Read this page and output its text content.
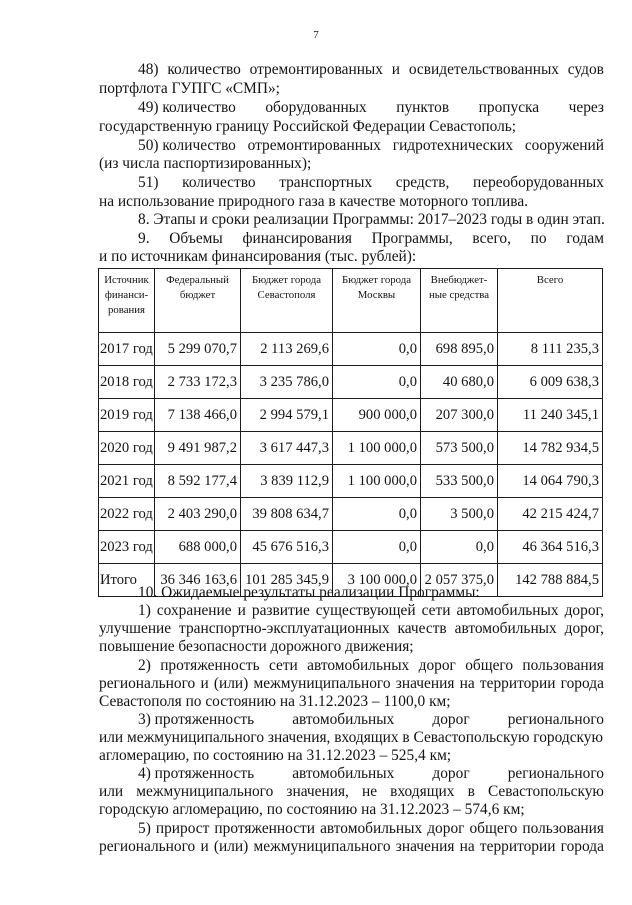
7
48) количество отремонтированных и освидетельствованных судов
портфлота ГУПГС «СМП»;
49) количество оборудованных пунктов пропуска через
государственную границу Российской Федерации Севастополь;
50) количество отремонтированных гидротехнических сооружений
(из числа паспортизированных);
51) количество транспортных средств, переоборудованных
на использование природного газа в качестве моторного топлива.
8. Этапы и сроки реализации Программы: 2017–2023 годы в один этап.
9. Объемы финансирования Программы, всего, по годам
и по источникам финансирования (тыс. рублей):
Источник финанси-рования	Федеральный бюджет	Бюджет города Севастополя	Бюджет города Москвы	Внебюджет-ные средства	Всего
2017 год	5 299 070,7	2 113 269,6	0,0	698 895,0	8 111 235,3
2018 год	2 733 172,3	3 235 786,0	0,0	40 680,0	6 009 638,3
2019 год	7 138 466,0	2 994 579,1	900 000,0	207 300,0	11 240 345,1
2020 год	9 491 987,2	3 617 447,3	1 100 000,0	573 500,0	14 782 934,5
2021 год	8 592 177,4	3 839 112,9	1 100 000,0	533 500,0	14 064 790,3
2022 год	2 403 290,0	39 808 634,7	0,0	3 500,0	42 215 424,7
2023 год	688 000,0	45 676 516,3	0,0	0,0	46 364 516,3
Итого	36 346 163,6	101 285 345,9	3 100 000,0	2 057 375,0	142 788 884,5
10. Ожидаемые результаты реализации Программы:
1) сохранение и развитие существующей сети автомобильных дорог,
улучшение транспортно-эксплуатационных качеств автомобильных дорог,
повышение безопасности дорожного движения;
2) протяженность сети автомобильных дорог общего пользования
регионального и (или) межмуниципального значения на территории города
Севастополя по состоянию на 31.12.2023 – 1100,0 км;
3) протяженность автомобильных дорог регионального
или межмуниципального значения, входящих в Севастопольскую городскую
агломерацию, по состоянию на 31.12.2023 – 525,4 км;
4) протяженность автомобильных дорог регионального
или межмуниципального значения, не входящих в Севастопольскую
городскую агломерацию, по состоянию на 31.12.2023 – 574,6 км;
5) прирост протяженности автомобильных дорог общего пользования
регионального и (или) межмуниципального значения на территории города
